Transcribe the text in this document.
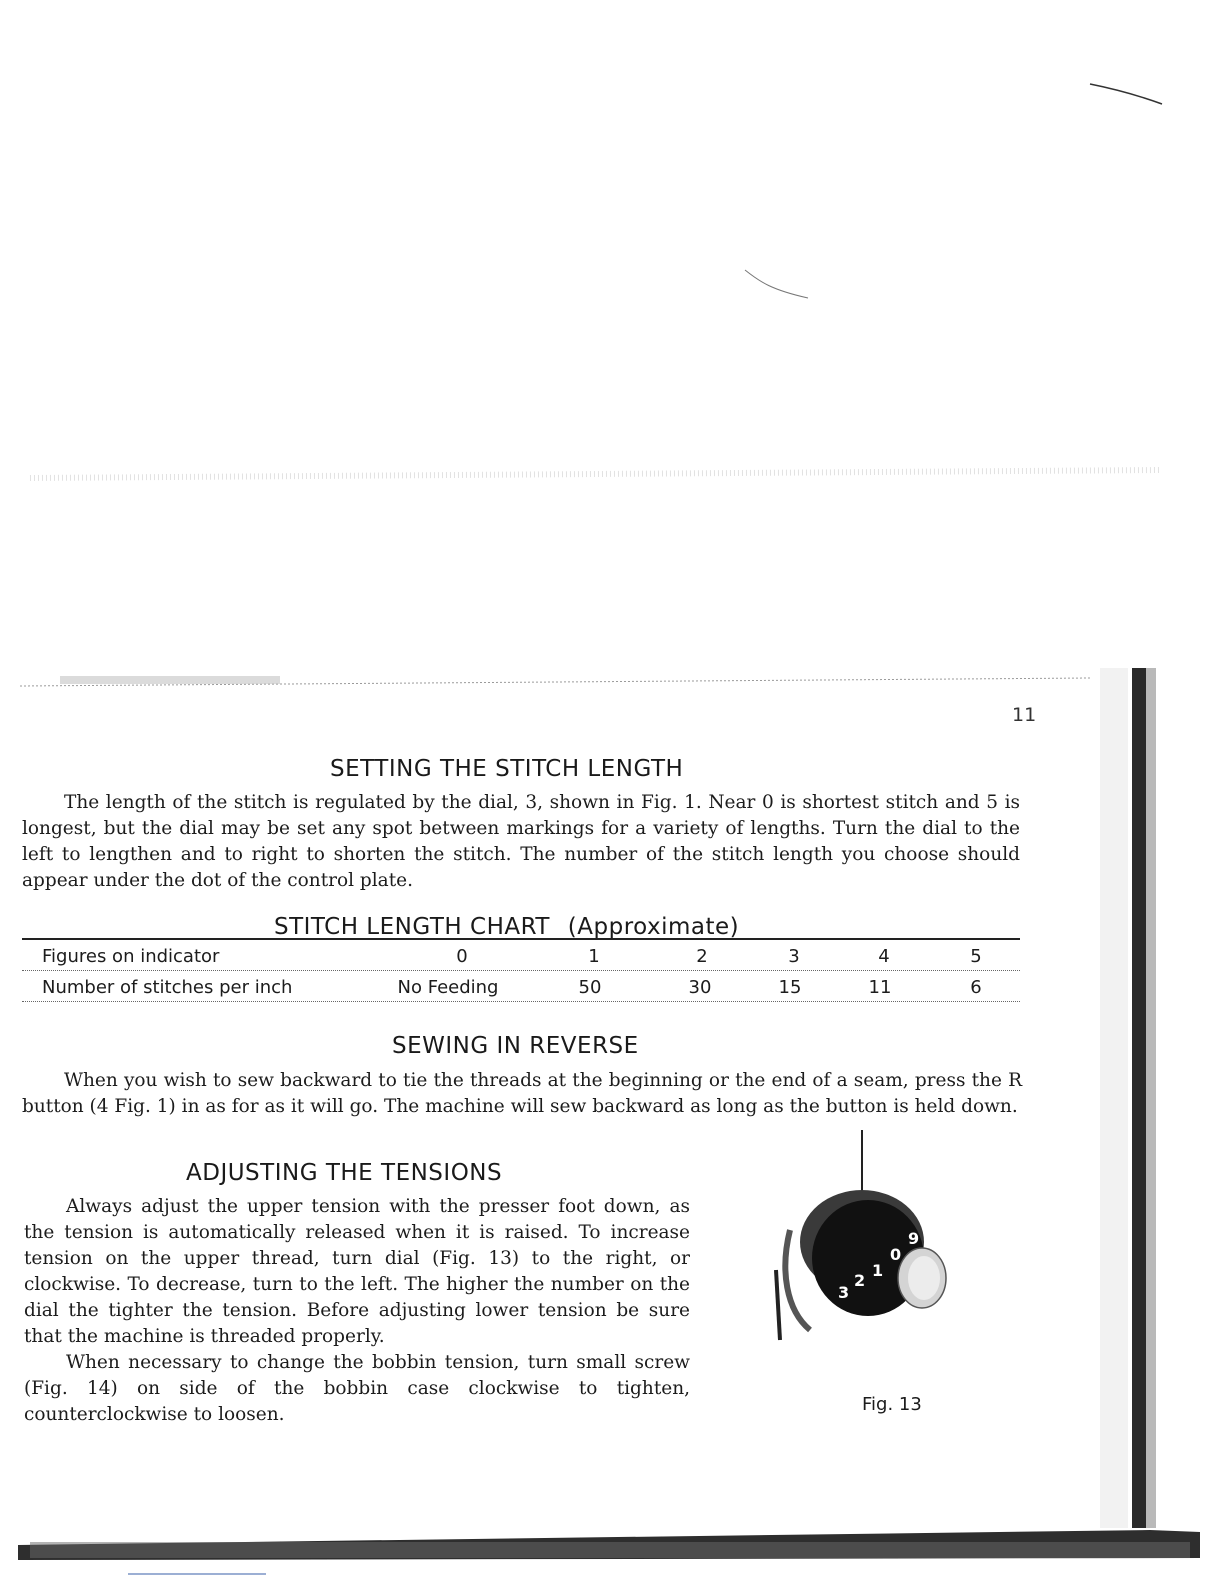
11
SETTING THE STITCH LENGTH

The length of the stitch is regulated by the dial, 3, shown in Fig. 1. Near 0 is shortest stitch and 5 is longest, but the dial may be set any spot between markings for a variety of lengths. Turn the dial to the left to lengthen and to right to shorten the stitch. The number of the stitch length you choose should appear under the dot of the control plate.

STITCH LENGTH CHART (Approximate)
Figures on indicator	0	1	2	3	4	5
Number of stitches per inch	No Feeding	50	30	15	11	6
SEWING IN REVERSE

When you wish to sew backward to tie the threads at the beginning or the end of a seam, press the R button (4 Fig. 1) in as for as it will go. The machine will sew backward as long as the button is held down.

ADJUSTING THE TENSIONS

Always adjust the upper tension with the presser foot down, as the tension is automatically released when it is raised. To increase tension on the upper thread, turn dial (Fig. 13) to the right, or clockwise. To decrease, turn to the left. The higher the number on the dial the tighter the tension. Before adjusting lower tension be sure that the machine is threaded properly.

When necessary to change the bobbin tension, turn small screw (Fig. 14) on side of the bobbin case clockwise to tighten, counterclockwise to loosen.

3
2
1
0
9
Fig. 13
